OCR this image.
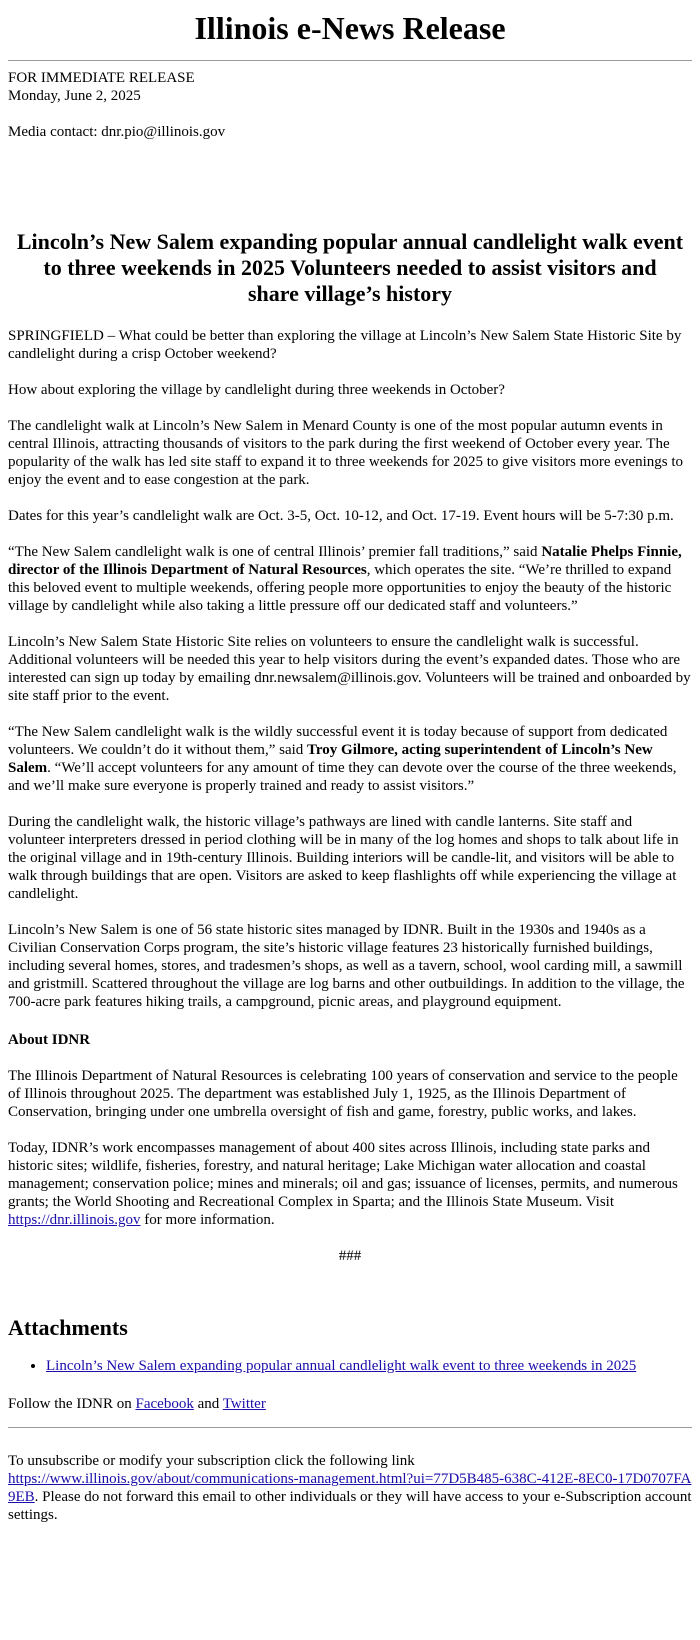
Illinois e-News Release
FOR IMMEDIATE RELEASE
Monday, June 2, 2025
Media contact: dnr.pio@illinois.gov
Lincoln’s New Salem expanding popular annual candlelight walk event to three weekends in 2025 Volunteers needed to assist visitors and share village’s history

SPRINGFIELD – What could be better than exploring the village at Lincoln’s New Salem State Historic Site by candlelight during a crisp October weekend?

How about exploring the village by candlelight during three weekends in October?

The candlelight walk at Lincoln’s New Salem in Menard County is one of the most popular autumn events in central Illinois, attracting thousands of visitors to the park during the first weekend of October every year. The popularity of the walk has led site staff to expand it to three weekends for 2025 to give visitors more evenings to enjoy the event and to ease congestion at the park.

Dates for this year’s candlelight walk are Oct. 3-5, Oct. 10-12, and Oct. 17-19. Event hours will be 5-7:30 p.m.

“The New Salem candlelight walk is one of central Illinois’ premier fall traditions,” said Natalie Phelps Finnie, director of the Illinois Department of Natural Resources, which operates the site. “We’re thrilled to expand this beloved event to multiple weekends, offering people more opportunities to enjoy the beauty of the historic village by candlelight while also taking a little pressure off our dedicated staff and volunteers.”

Lincoln’s New Salem State Historic Site relies on volunteers to ensure the candlelight walk is successful. Additional volunteers will be needed this year to help visitors during the event’s expanded dates. Those who are interested can sign up today by emailing dnr.newsalem@illinois.gov. Volunteers will be trained and onboarded by site staff prior to the event.

“The New Salem candlelight walk is the wildly successful event it is today because of support from dedicated volunteers. We couldn’t do it without them,” said Troy Gilmore, acting superintendent of Lincoln’s New Salem. “We’ll accept volunteers for any amount of time they can devote over the course of the three weekends, and we’ll make sure everyone is properly trained and ready to assist visitors.”

During the candlelight walk, the historic village’s pathways are lined with candle lanterns. Site staff and volunteer interpreters dressed in period clothing will be in many of the log homes and shops to talk about life in the original village and in 19th-century Illinois. Building interiors will be candle-lit, and visitors will be able to walk through buildings that are open. Visitors are asked to keep flashlights off while experiencing the village at candlelight.

Lincoln’s New Salem is one of 56 state historic sites managed by IDNR. Built in the 1930s and 1940s as a Civilian Conservation Corps program, the site’s historic village features 23 historically furnished buildings, including several homes, stores, and tradesmen’s shops, as well as a tavern, school, wool carding mill, a sawmill and gristmill. Scattered throughout the village are log barns and other outbuildings. In addition to the village, the 700-acre park features hiking trails, a campground, picnic areas, and playground equipment.

About IDNR

The Illinois Department of Natural Resources is celebrating 100 years of conservation and service to the people of Illinois throughout 2025. The department was established July 1, 1925, as the Illinois Department of Conservation, bringing under one umbrella oversight of fish and game, forestry, public works, and lakes.

Today, IDNR’s work encompasses management of about 400 sites across Illinois, including state parks and historic sites; wildlife, fisheries, forestry, and natural heritage; Lake Michigan water allocation and coastal management; conservation police; mines and minerals; oil and gas; issuance of licenses, permits, and numerous grants; the World Shooting and Recreational Complex in Sparta; and the Illinois State Museum. Visit https://dnr.illinois.gov for more information.

###

Attachments
• Lincoln’s New Salem expanding popular annual candlelight walk event to three weekends in 2025

Follow the IDNR on Facebook and Twitter

To unsubscribe or modify your subscription click the following link
https://www.illinois.gov/about/communications-management.html?ui=77D5B485-638C-412E-8EC0-17D0707FA9EB. Please do not forward this email to other individuals or they will have access to your e-Subscription account settings.
